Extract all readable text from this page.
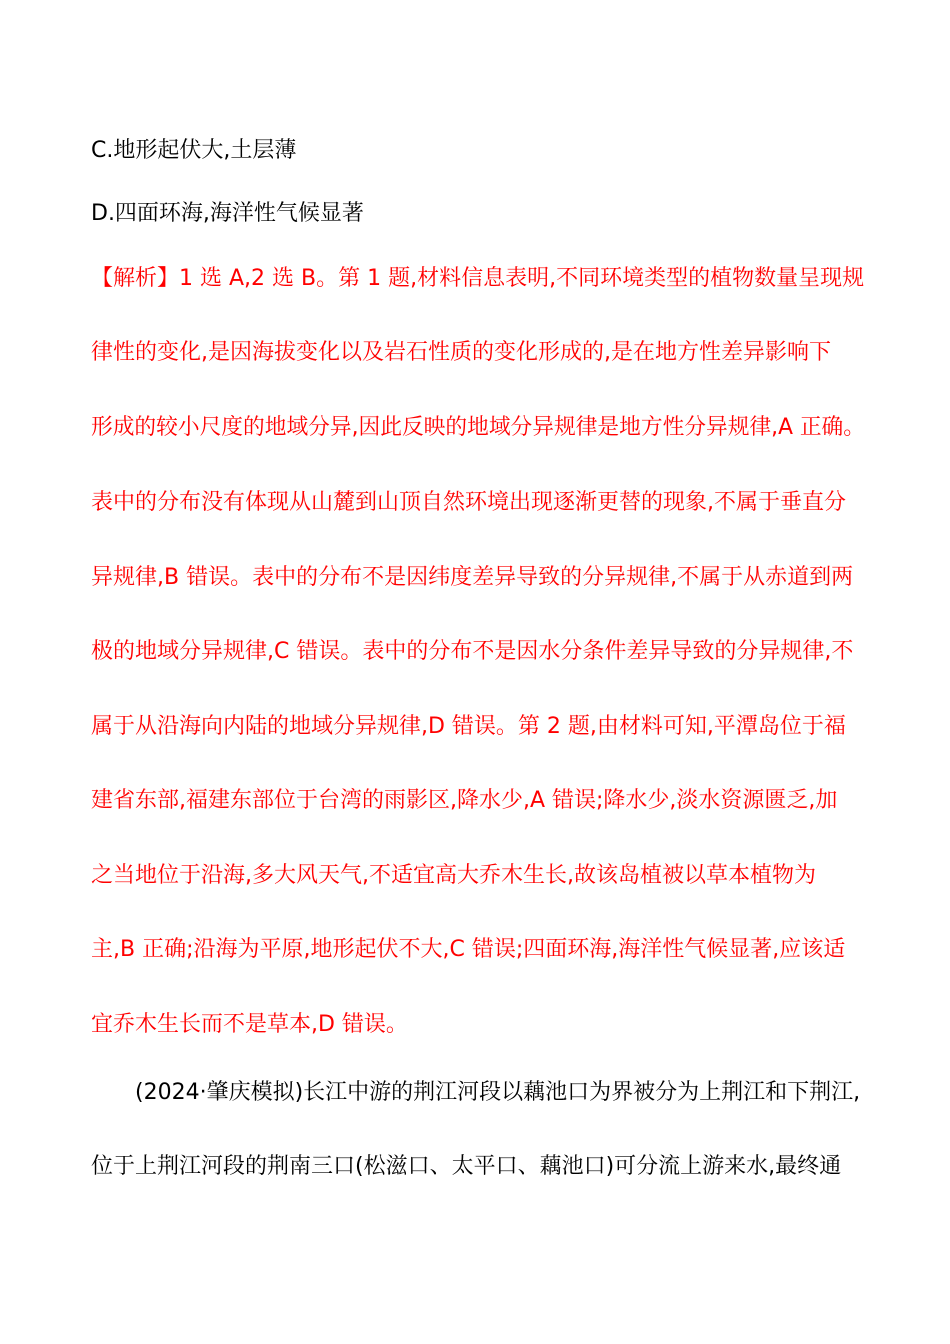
C.地形起伏大,土层薄
D.四面环海,海洋性气候显著
【解析】1 选 A,2 选 B。第 1 题,材料信息表明,不同环境类型的植物数量呈现规
律性的变化,是因海拔变化以及岩石性质的变化形成的,是在地方性差异影响下
形成的较小尺度的地域分异,因此反映的地域分异规律是地方性分异规律,A 正确。
表中的分布没有体现从山麓到山顶自然环境出现逐渐更替的现象,不属于垂直分
异规律,B 错误。表中的分布不是因纬度差异导致的分异规律,不属于从赤道到两
极的地域分异规律,C 错误。表中的分布不是因水分条件差异导致的分异规律,不
属于从沿海向内陆的地域分异规律,D 错误。第 2 题,由材料可知,平潭岛位于福
建省东部,福建东部位于台湾的雨影区,降水少,A 错误;降水少,淡水资源匮乏,加
之当地位于沿海,多大风天气,不适宜高大乔木生长,故该岛植被以草本植物为
主,B 正确;沿海为平原,地形起伏不大,C 错误;四面环海,海洋性气候显著,应该适
宜乔木生长而不是草本,D 错误。
(2024·肇庆模拟)长江中游的荆江河段以藕池口为界被分为上荆江和下荆江,
位于上荆江河段的荆南三口(松滋口、太平口、藕池口)可分流上游来水,最终通
